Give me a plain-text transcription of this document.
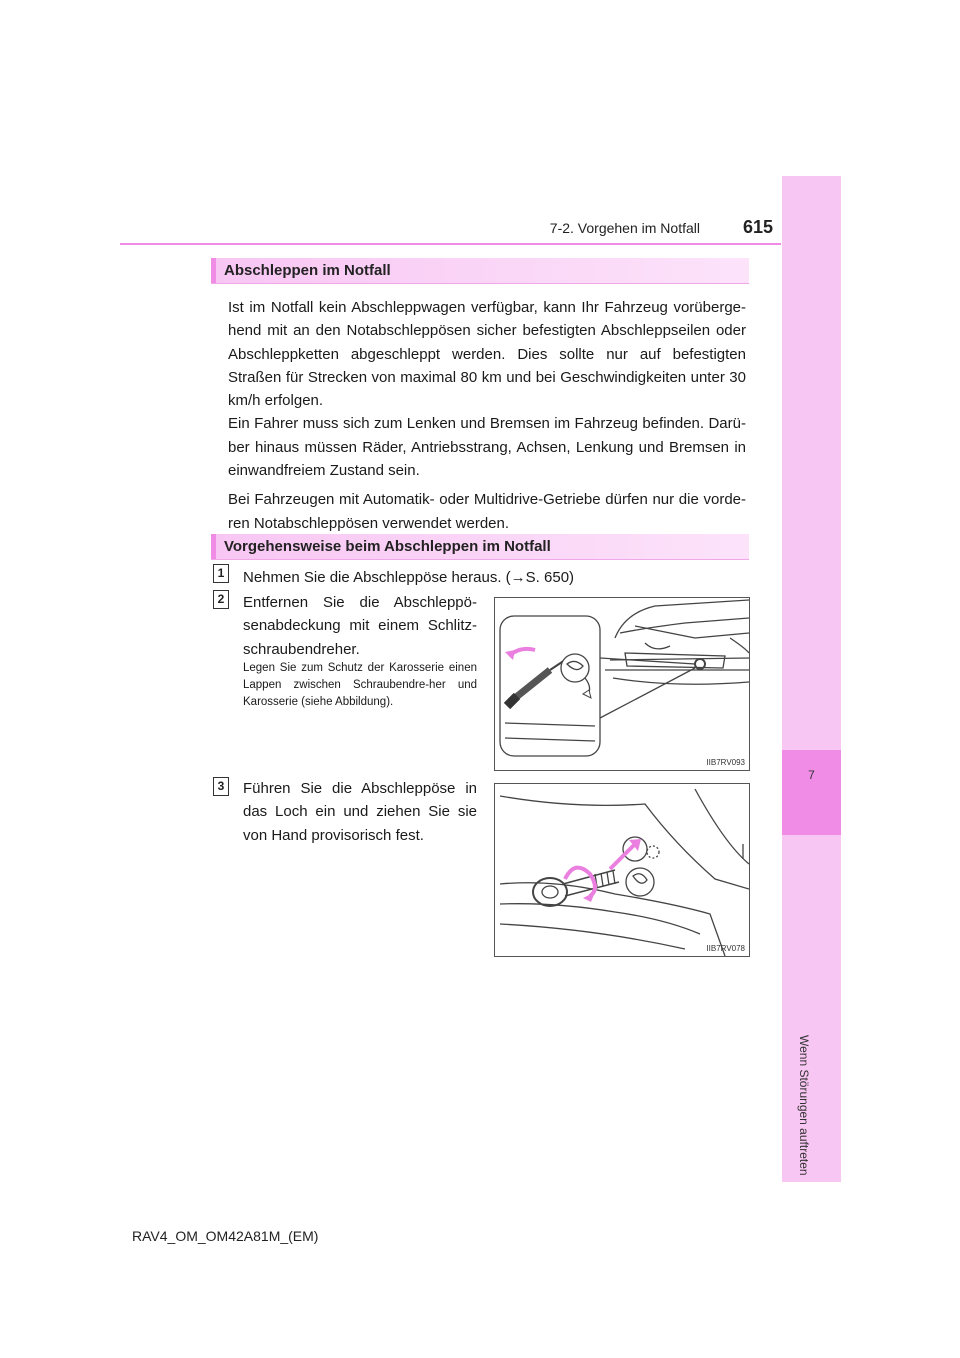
7
Wenn Störungen auftreten
7-2. Vorgehen im Notfall	615
Abschleppen im Notfall

Ist im Notfall kein Abschleppwagen verfügbar, kann Ihr Fahrzeug vorüberge-hend mit an den Notabschleppösen sicher befestigten Abschleppseilen oder Abschleppketten abgeschleppt werden. Dies sollte nur auf befestigten Straßen für Strecken von maximal 80 km und bei Geschwindigkeiten unter 30 km/h erfolgen.

Ein Fahrer muss sich zum Lenken und Bremsen im Fahrzeug befinden. Darü-ber hinaus müssen Räder, Antriebsstrang, Achsen, Lenkung und Bremsen in einwandfreiem Zustand sein.

Bei Fahrzeugen mit Automatik- oder Multidrive-Getriebe dürfen nur die vorde-ren Notabschleppösen verwendet werden.

Vorgehensweise beim Abschleppen im Notfall
1	Nehmen Sie die Abschleppöse heraus. (→S. 650)
2	Entfernen Sie die Abschleppö-senabdeckung mit einem Schlitz-schraubendreher.
Legen Sie zum Schutz der Karosserie einen Lappen zwischen Schraubendre-her und Karosserie (siehe Abbildung).
IIB7RV093
3	Führen Sie die Abschleppöse in das Loch ein und ziehen Sie sie von Hand provisorisch fest.
IIB7RV078
RAV4_OM_OM42A81M_(EM)
